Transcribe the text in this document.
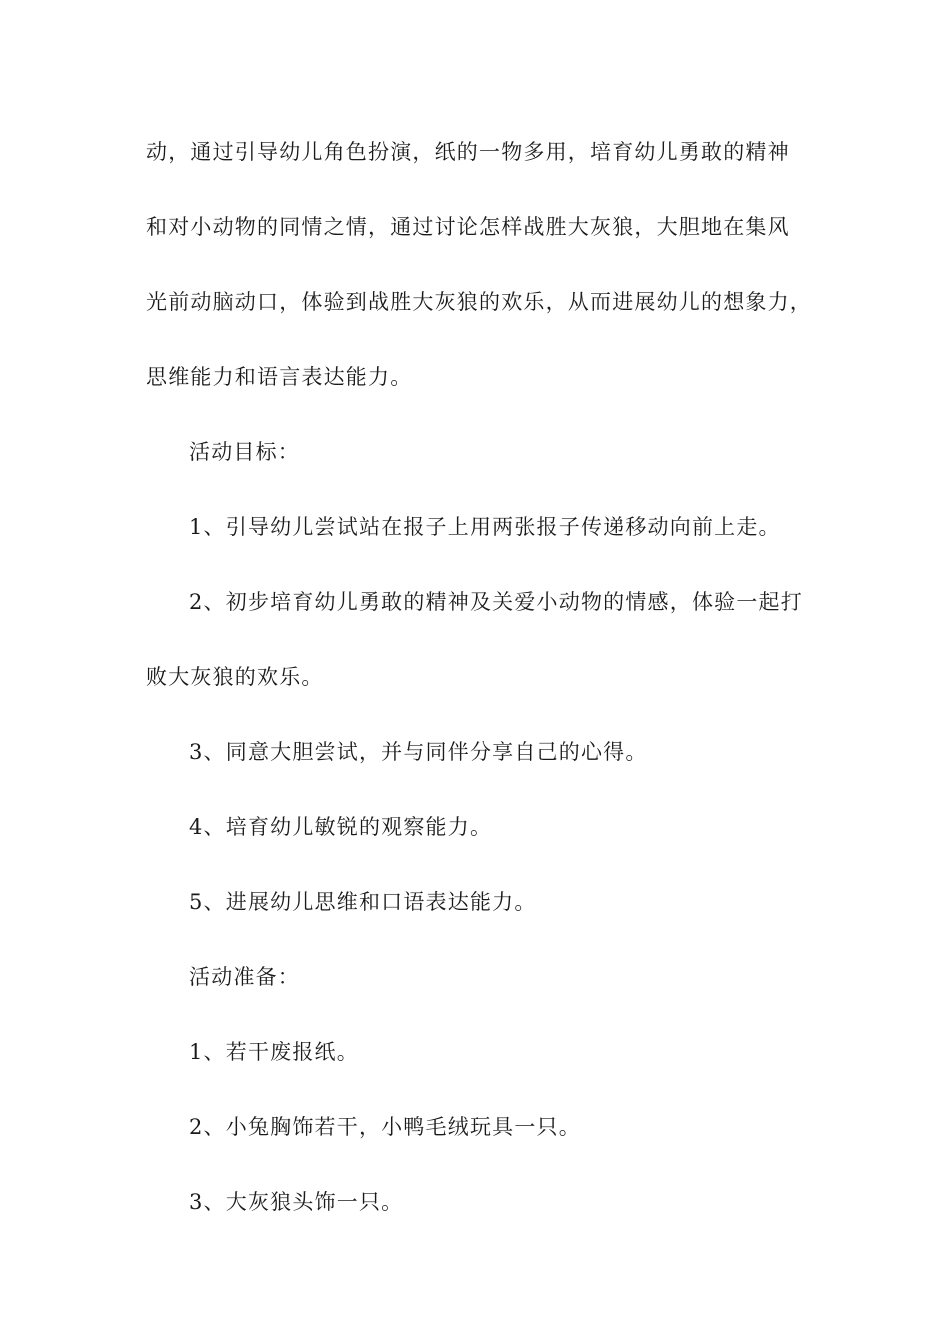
动，通过引导幼儿角色扮演，纸的一物多用，培育幼儿勇敢的精神
和对小动物的同情之情，通过讨论怎样战胜大灰狼，大胆地在集风
光前动脑动口，体验到战胜大灰狼的欢乐，从而进展幼儿的想象力，
思维能力和语言表达能力。
活动目标：
1、引导幼儿尝试站在报子上用两张报子传递移动向前上走。
2、初步培育幼儿勇敢的精神及关爱小动物的情感，体验一起打
败大灰狼的欢乐。
3、同意大胆尝试，并与同伴分享自己的心得。
4、培育幼儿敏锐的观察能力。
5、进展幼儿思维和口语表达能力。
活动准备：
1、若干废报纸。
2、小兔胸饰若干，小鸭毛绒玩具一只。
3、大灰狼头饰一只。
